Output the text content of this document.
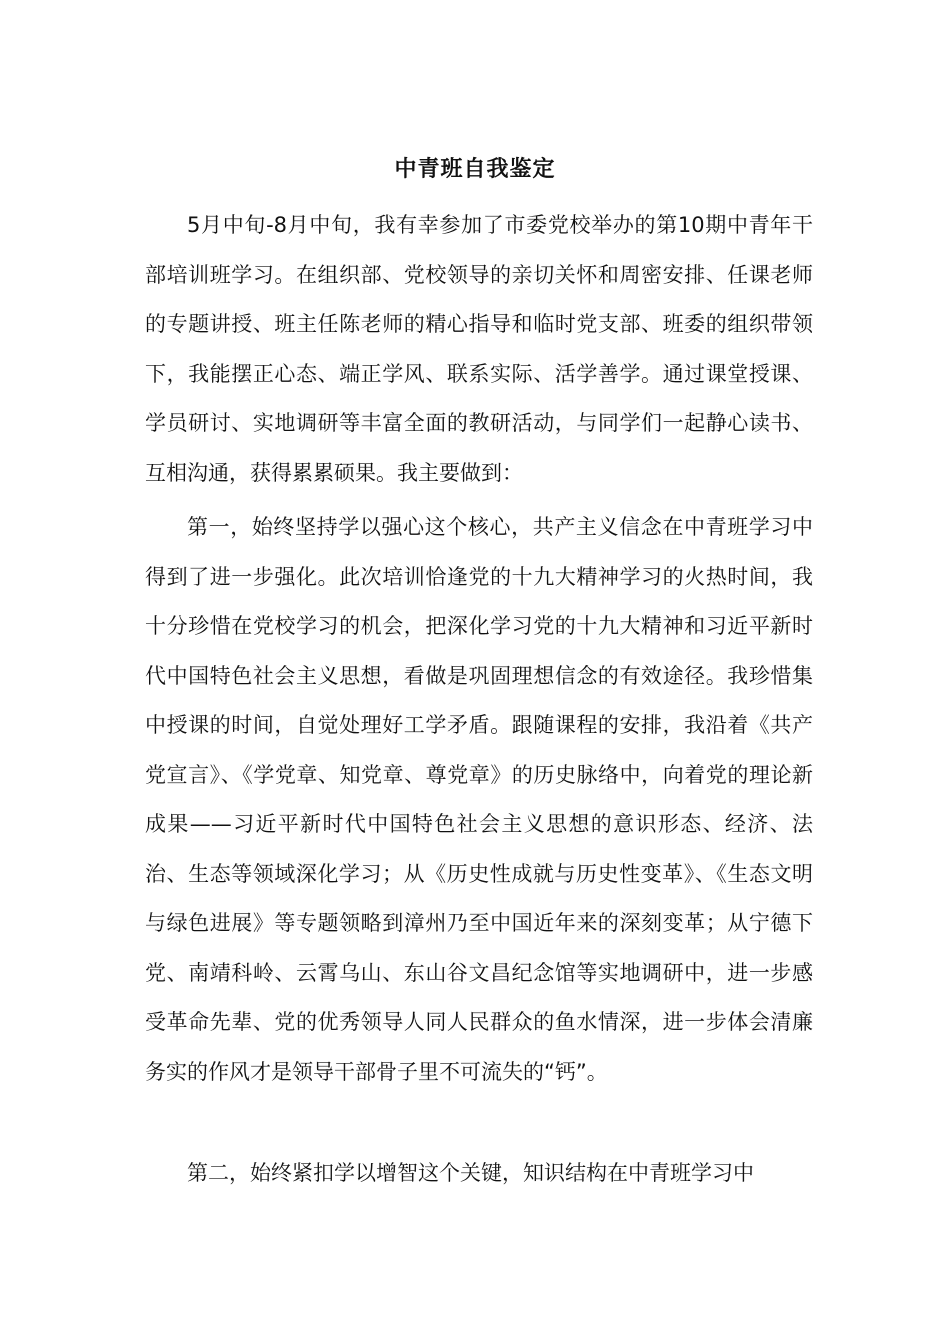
中青班自我鉴定

5月中旬-8月中旬，我有幸参加了市委党校举办的第10期中青年干部培训班学习。在组织部、党校领导的亲切关怀和周密安排、任课老师的专题讲授、班主任陈老师的精心指导和临时党支部、班委的组织带领下，我能摆正心态、端正学风、联系实际、活学善学。通过课堂授课、学员研讨、实地调研等丰富全面的教研活动，与同学们一起静心读书、互相沟通，获得累累硕果。我主要做到：

第一，始终坚持学以强心这个核心，共产主义信念在中青班学习中得到了进一步强化。此次培训恰逢党的十九大精神学习的火热时间，我十分珍惜在党校学习的机会，把深化学习党的十九大精神和习近平新时代中国特色社会主义思想，看做是巩固理想信念的有效途径。我珍惜集中授课的时间，自觉处理好工学矛盾。跟随课程的安排，我沿着《共产党宣言》、《学党章、知党章、尊党章》的历史脉络中，向着党的理论新成果——习近平新时代中国特色社会主义思想的意识形态、经济、法治、生态等领域深化学习；从《历史性成就与历史性变革》、《生态文明与绿色进展》等专题领略到漳州乃至中国近年来的深刻变革；从宁德下党、南靖科岭、云霄乌山、东山谷文昌纪念馆等实地调研中，进一步感受革命先辈、党的优秀领导人同人民群众的鱼水情深，进一步体会清廉务实的作风才是领导干部骨子里不可流失的“钙”。

第二，始终紧扣学以增智这个关键，知识结构在中青班学习中
